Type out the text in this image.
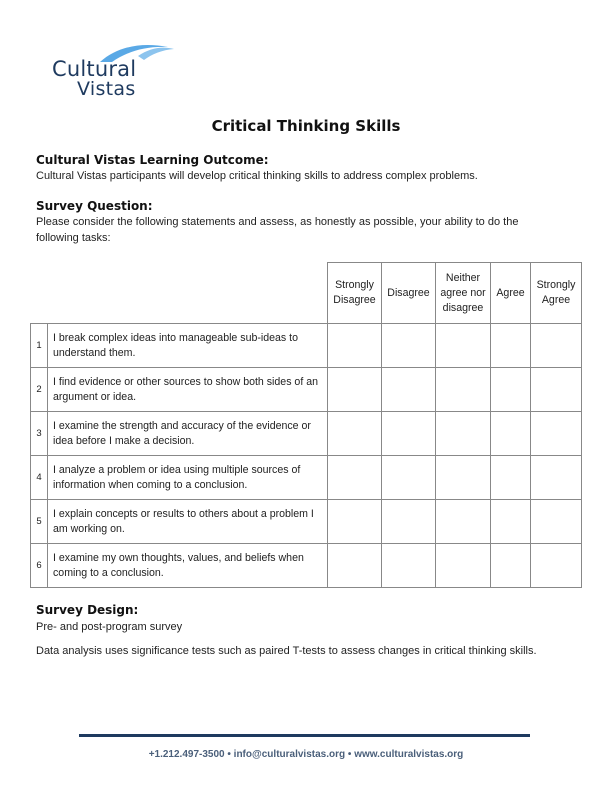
Cultural
Vistas
Critical Thinking Skills
Cultural Vistas Learning Outcome:
Cultural Vistas participants will develop critical thinking skills to address complex problems.
Survey Question:
Please consider the following statements and assess, as honestly as possible, your ability to do the following tasks:
		Strongly Disagree	Disagree	Neither agree nor disagree	Agree	Strongly Agree
1	I break complex ideas into manageable sub-ideas to understand them.					
2	I find evidence or other sources to show both sides of an argument or idea.					
3	I examine the strength and accuracy of the evidence or idea before I make a decision.					
4	I analyze a problem or idea using multiple sources of information when coming to a conclusion.					
5	I explain concepts or results to others about a problem I am working on.					
6	I examine my own thoughts, values, and beliefs when coming to a conclusion.					
Survey Design:
Pre- and post-program survey
Data analysis uses significance tests such as paired T-tests to assess changes in critical thinking skills.
+1.212.497-3500 • info@culturalvistas.org • www.culturalvistas.org
